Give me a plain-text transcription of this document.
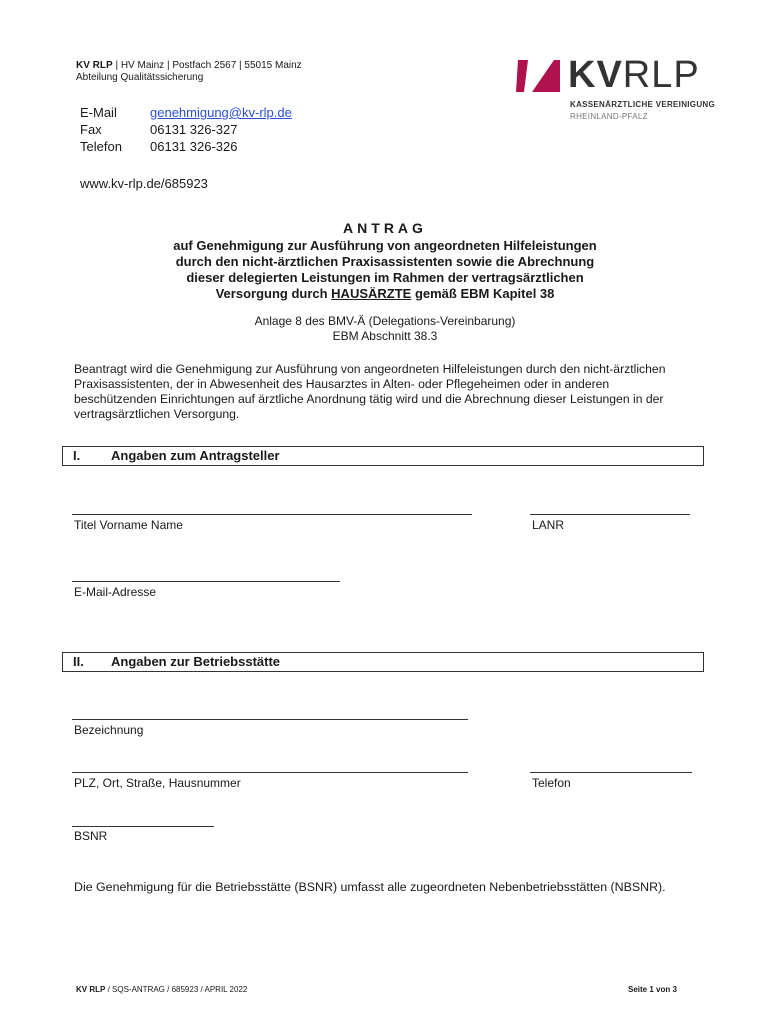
KV RLP | HV Mainz | Postfach 2567 | 55015 Mainz
Abteilung Qualitätssicherung	KVRLP
KASSENÄRZTLICHE VEREINIGUNG
RHEINLAND-PFALZ
E-Mail	genehmigung@kv-rlp.de
Fax	06131 326-327
Telefon	06131 326-326
www.kv-rlp.de/685923
ANTRAG
auf Genehmigung zur Ausführung von angeordneten Hilfeleistungen
durch den nicht-ärztlichen Praxisassistenten sowie die Abrechnung
dieser delegierten Leistungen im Rahmen der vertragsärztlichen
Versorgung durch HAUSÄRZTE gemäß EBM Kapitel 38
Anlage 8 des BMV-Ä (Delegations-Vereinbarung)
EBM Abschnitt 38.3
Beantragt wird die Genehmigung zur Ausführung von angeordneten Hilfeleistungen durch den nicht-ärztlichen
Praxisassistenten, der in Abwesenheit des Hausarztes in Alten- oder Pflegeheimen oder in anderen
beschützenden Einrichtungen auf ärztliche Anordnung tätig wird und die Abrechnung dieser Leistungen in der
vertragsärztlichen Versorgung.
I. Angaben zum Antragsteller
Titel Vorname Name	LANR
E-Mail-Adresse
II. Angaben zur Betriebsstätte
Bezeichnung
PLZ, Ort, Straße, Hausnummer	Telefon
BSNR
Die Genehmigung für die Betriebsstätte (BSNR) umfasst alle zugeordneten Nebenbetriebsstätten (NBSNR).
KV RLP / SQS-ANTRAG / 685923 / APRIL 2022	Seite 1 von 3
